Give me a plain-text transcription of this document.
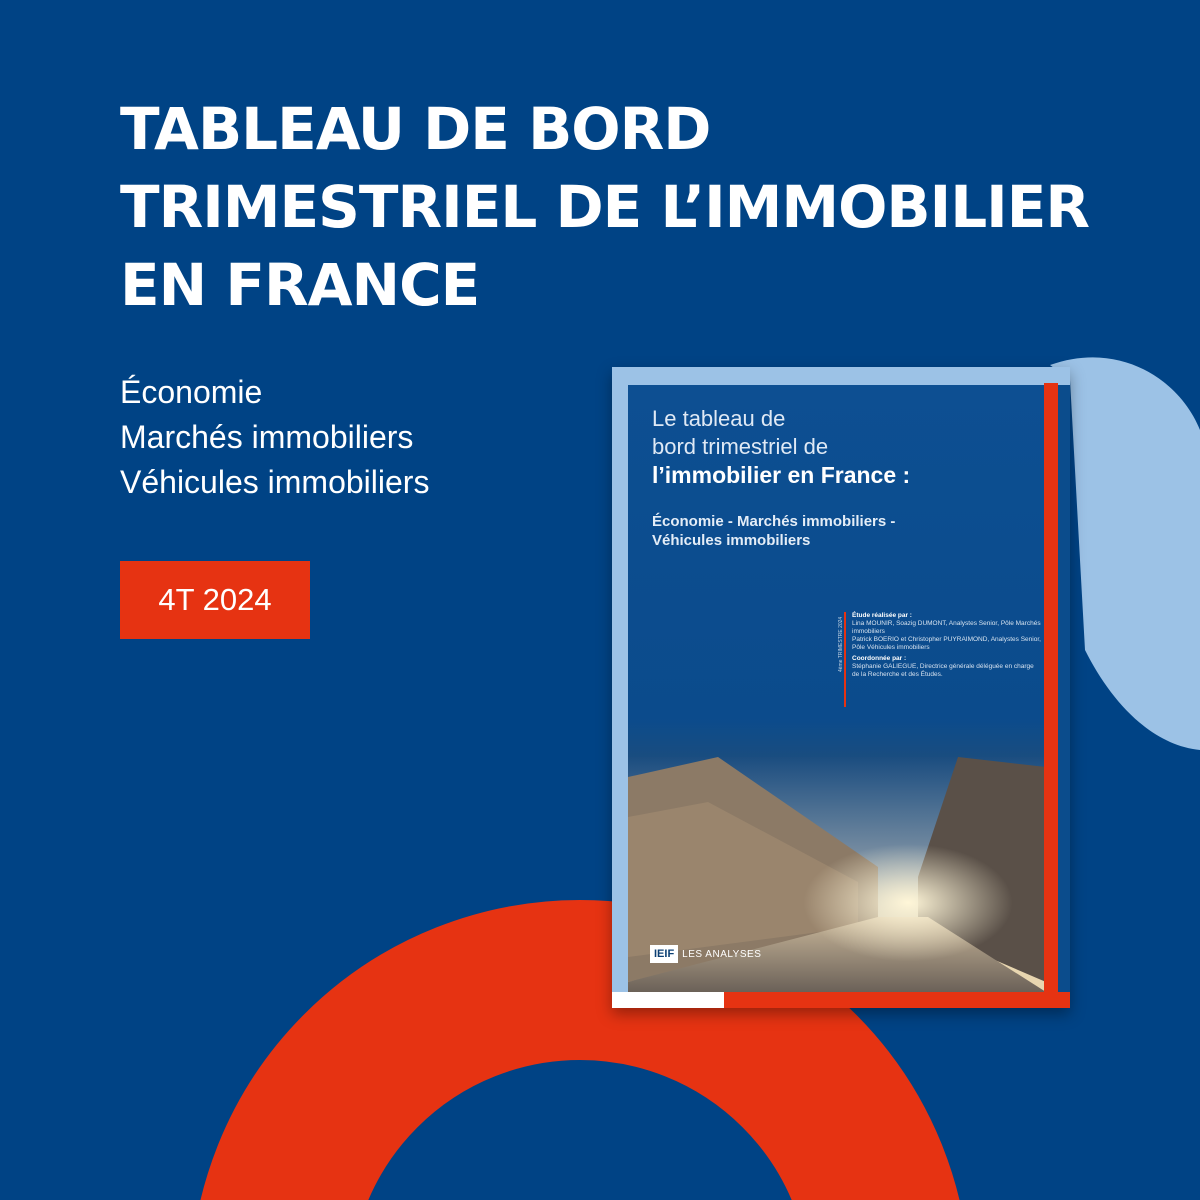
TABLEAU DE BORD
TRIMESTRIEL DE L’IMMOBILIER
EN FRANCE
Économie
Marchés immobiliers
Véhicules immobiliers
4T 2024
Le tableau de
bord trimestriel de
l’immobilier en France :
Économie - Marchés immobiliers -
Véhicules immobiliers
4ème TRIMESTRE 2024
Étude réalisée par :
Lina MOUNIR, Soazig DUMONT, Analystes Senior, Pôle Marchés immobiliers
Patrick BOERIO et Christopher PUYRAIMOND, Analystes Senior, Pôle Véhicules immobiliers
Coordonnée par :
Stéphanie GALIEGUE, Directrice générale déléguée en charge de la Recherche et des Études.
IEIF LES ANALYSES
